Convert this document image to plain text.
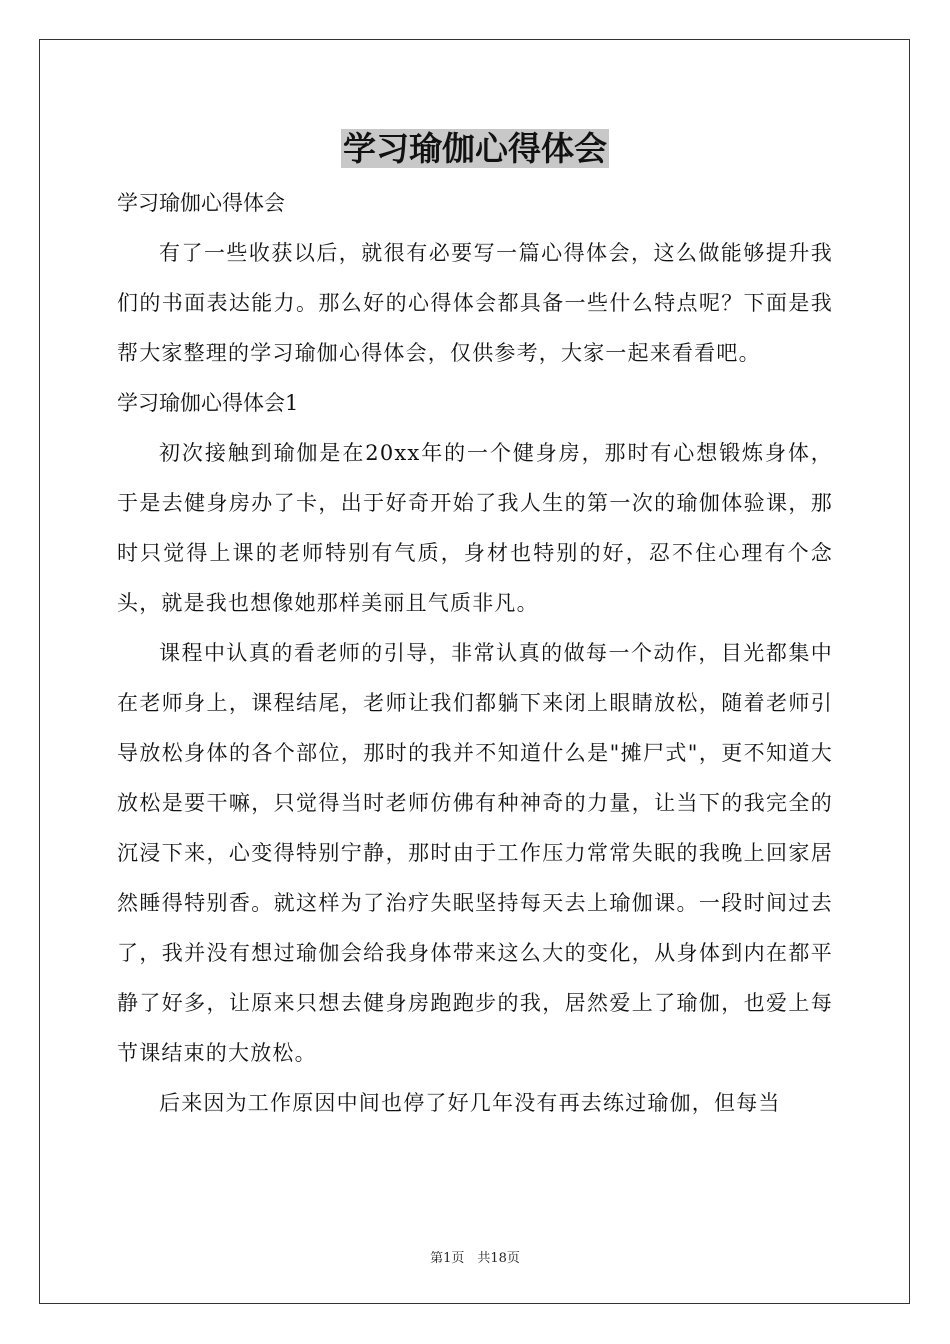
学习瑜伽心得体会

学习瑜伽心得体会

有了一些收获以后，就很有必要写一篇心得体会，这么做能够提升我们的书面表达能力。那么好的心得体会都具备一些什么特点呢？下面是我帮大家整理的学习瑜伽心得体会，仅供参考，大家一起来看看吧。

学习瑜伽心得体会1

初次接触到瑜伽是在20xx年的一个健身房，那时有心想锻炼身体，于是去健身房办了卡，出于好奇开始了我人生的第一次的瑜伽体验课，那时只觉得上课的老师特别有气质，身材也特别的好，忍不住心理有个念头，就是我也想像她那样美丽且气质非凡。

课程中认真的看老师的引导，非常认真的做每一个动作，目光都集中在老师身上，课程结尾，老师让我们都躺下来闭上眼睛放松，随着老师引导放松身体的各个部位，那时的我并不知道什么是"摊尸式"，更不知道大放松是要干嘛，只觉得当时老师仿佛有种神奇的力量，让当下的我完全的沉浸下来，心变得特别宁静，那时由于工作压力常常失眠的我晚上回家居然睡得特别香。就这样为了治疗失眠坚持每天去上瑜伽课。一段时间过去了，我并没有想过瑜伽会给我身体带来这么大的变化，从身体到内在都平静了好多，让原来只想去健身房跑跑步的我，居然爱上了瑜伽，也爱上每节课结束的大放松。

后来因为工作原因中间也停了好几年没有再去练过瑜伽，但每当

第1页　共18页
